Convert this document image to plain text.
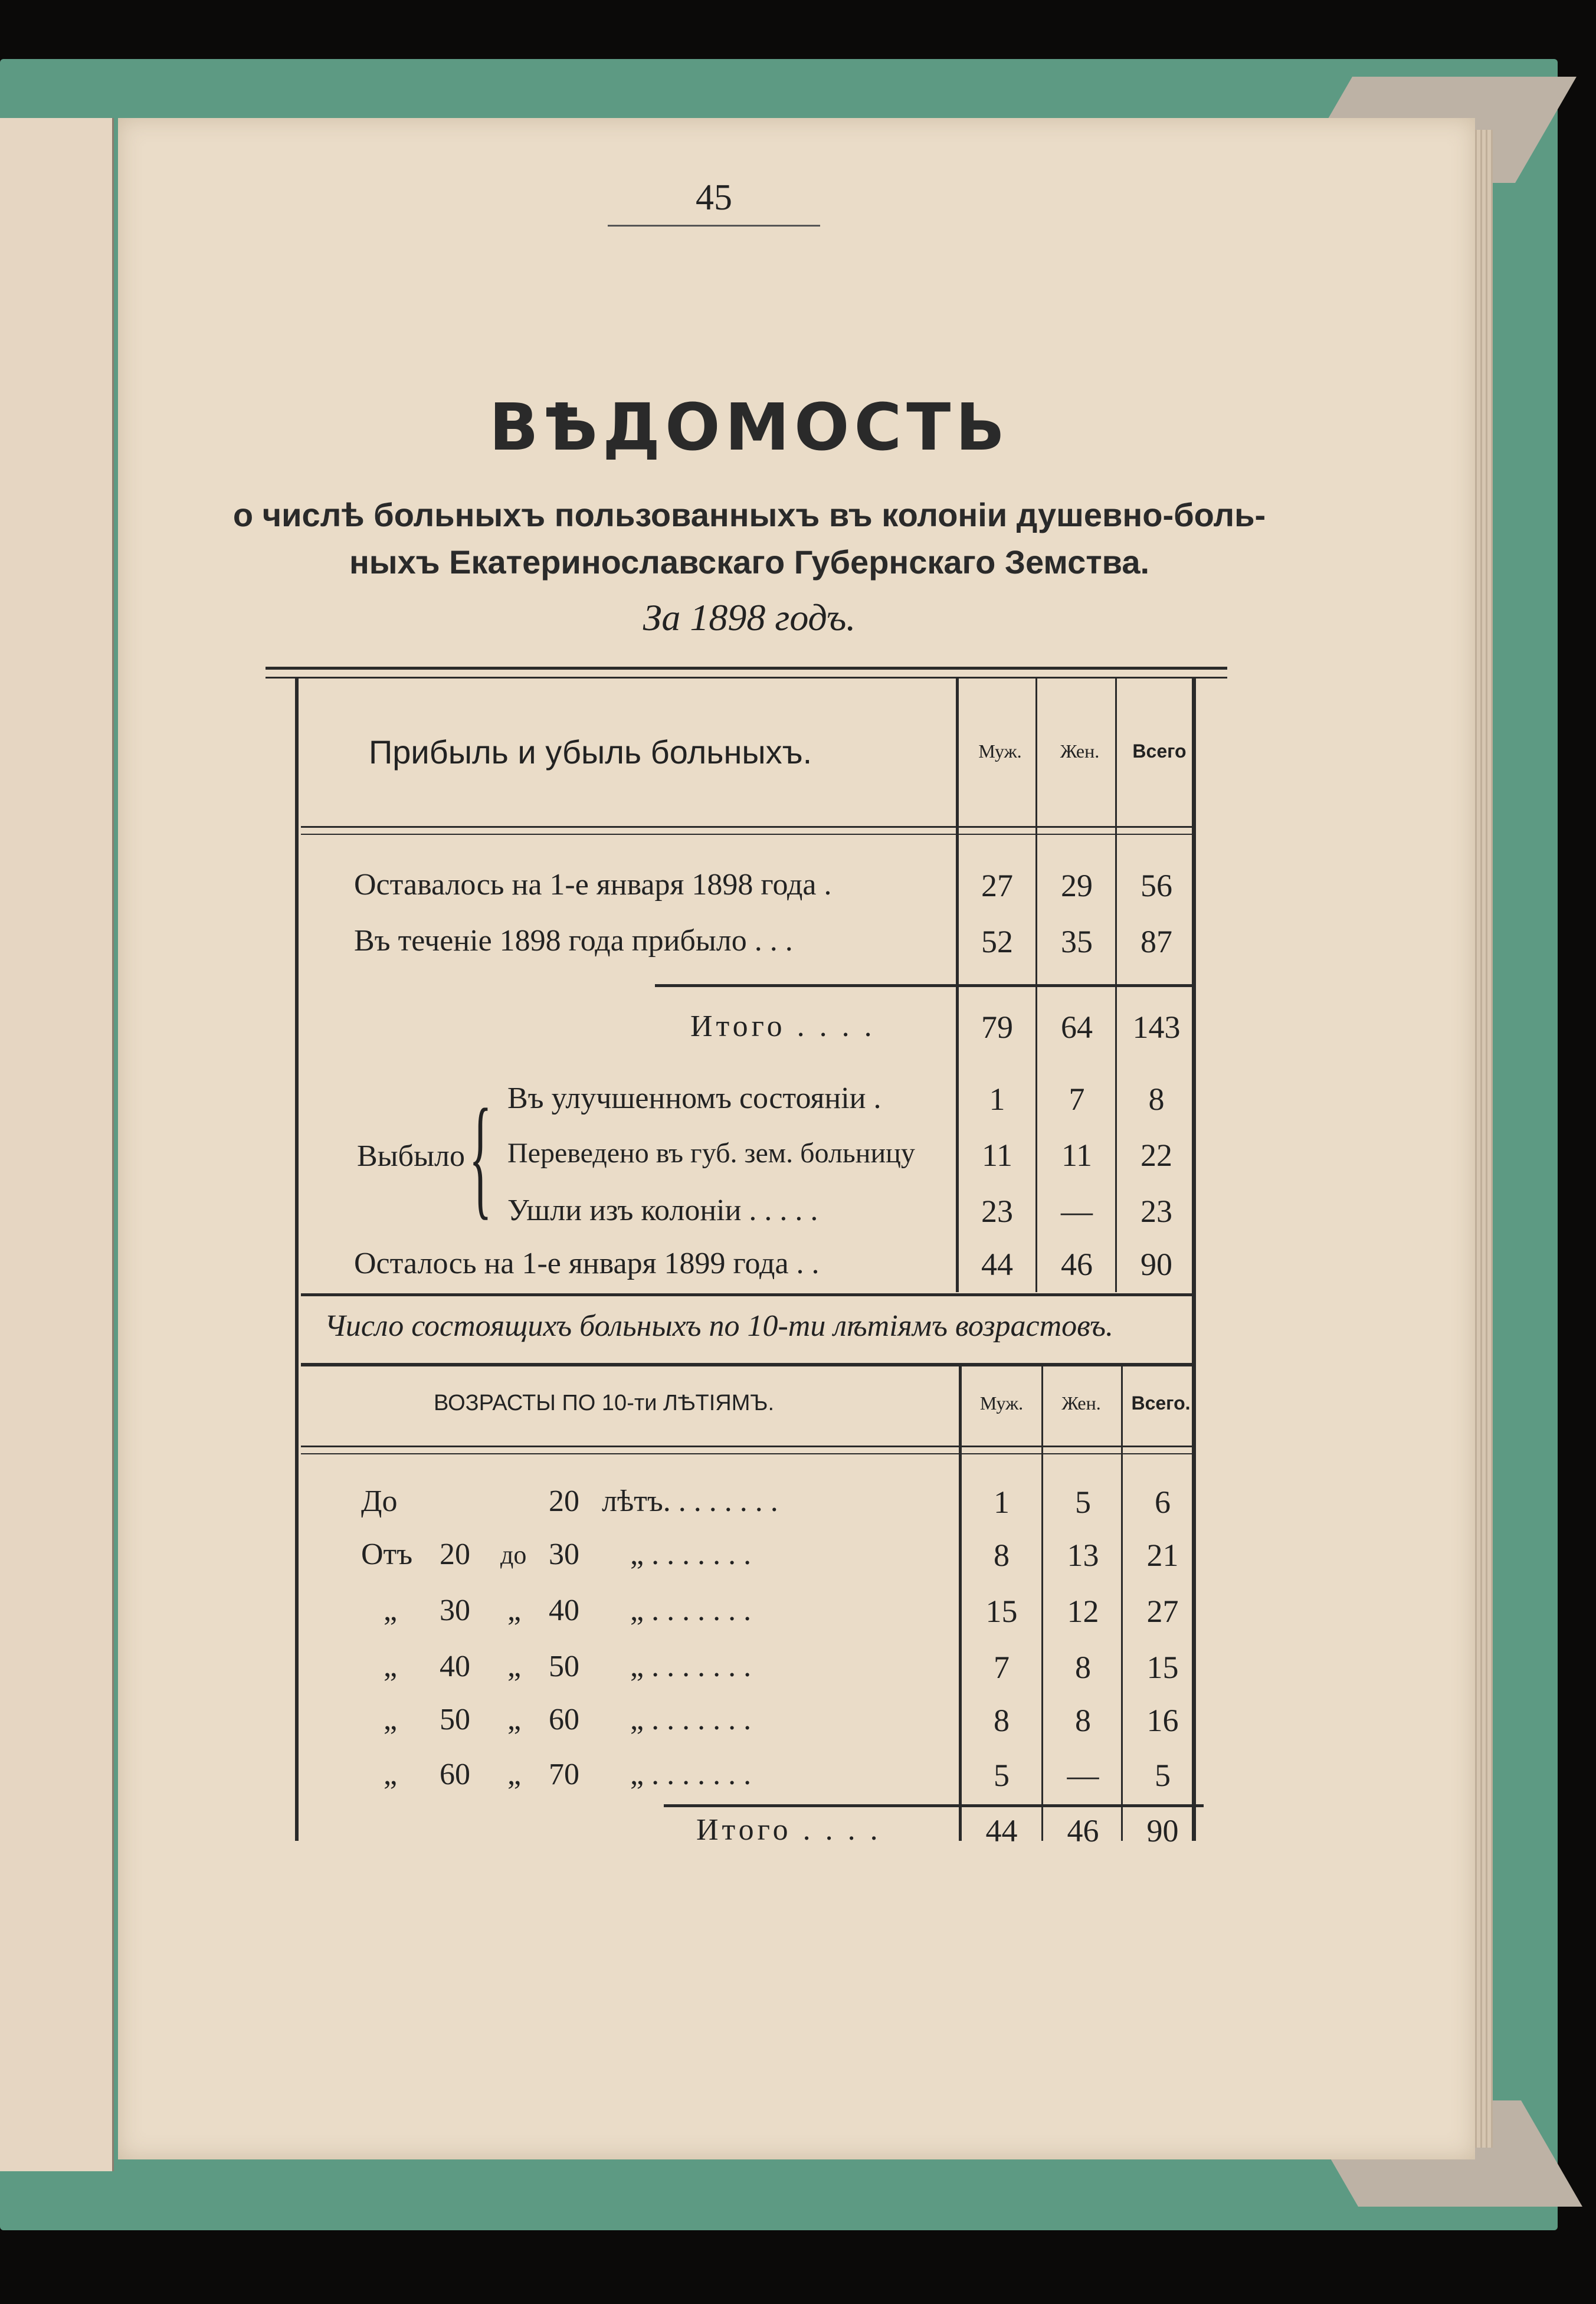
45
ВѢДОМОСТЬ
о числѣ больныхъ пользованныхъ въ колоніи душевно-боль-
ныхъ Екатеринославскаго Губернскаго Земства.
За 1898 годъ.
Прибыль и убыль больныхъ.	Муж.	Жен.	Всего
Оставалось на 1-е января 1898 года .	27	29	56
Въ теченіе 1898 года прибыло . . .	52	35	87
Итого . . . .	79	64	143
Выбыло { Въ улучшенномъ состояніи .	1	7	8
Переведено въ губ. зем. больницу	11	11	22
Ушли изъ колоніи . . . . .	23	—	23
Осталось на 1-е января 1899 года . .	44	46	90
Число состоящихъ больныхъ по 10-ти лѣтіямъ возрастовъ.
ВОЗРАСТЫ ПО 10-ти ЛѢТІЯМЪ.	Муж.	Жен.	Всего.
До	20 лѣтъ. . . . . . . .	1	5	6
Отъ 20 до 30 „ . . . . . . .	8	13	21
„ 30 „ 40 „ . . . . . . .	15	12	27
„ 40 „ 50 „ . . . . . . .	7	8	15
„ 50 „ 60 „ . . . . . . .	8	8	16
„ 60 „ 70 „ . . . . . . .	5	—	5
Итого . . . .	44	46	90
